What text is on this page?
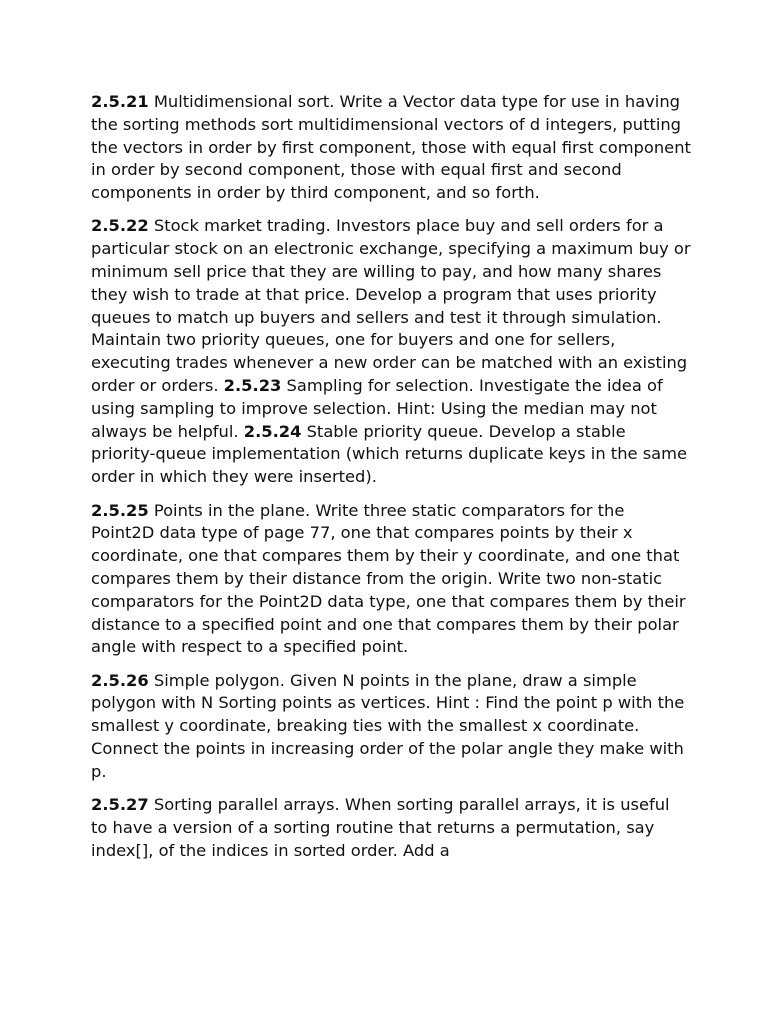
2.5.21 Multidimensional sort. Write a Vector data type for use in having the sorting methods sort multidimensional vectors of d integers, putting the vectors in order by first component, those with equal first component in order by second component, those with equal first and second components in order by third component, and so forth.

2.5.22 Stock market trading. Investors place buy and sell orders for a particular stock on an electronic exchange, specifying a maximum buy or minimum sell price that they are willing to pay, and how many shares they wish to trade at that price. Develop a program that uses priority queues to match up buyers and sellers and test it through simulation. Maintain two priority queues, one for buyers and one for sellers, executing trades whenever a new order can be matched with an existing order or orders. 2.5.23 Sampling for selection. Investigate the idea of using sampling to improve selection. Hint: Using the median may not always be helpful. 2.5.24 Stable priority queue. Develop a stable priority-queue implementation (which returns duplicate keys in the same order in which they were inserted).

2.5.25 Points in the plane. Write three static comparators for the Point2D data type of page 77, one that compares points by their x coordinate, one that compares them by their y coordinate, and one that compares them by their distance from the origin. Write two non-static comparators for the Point2D data type, one that compares them by their distance to a specified point and one that compares them by their polar angle with respect to a specified point.

2.5.26 Simple polygon. Given N points in the plane, draw a simple polygon with N Sorting points as vertices. Hint : Find the point p with the smallest y coordinate, breaking ties with the smallest x coordinate. Connect the points in increasing order of the polar angle they make with p.

2.5.27 Sorting parallel arrays. When sorting parallel arrays, it is useful to have a version of a sorting routine that returns a permutation, say index[], of the indices in sorted order. Add a
